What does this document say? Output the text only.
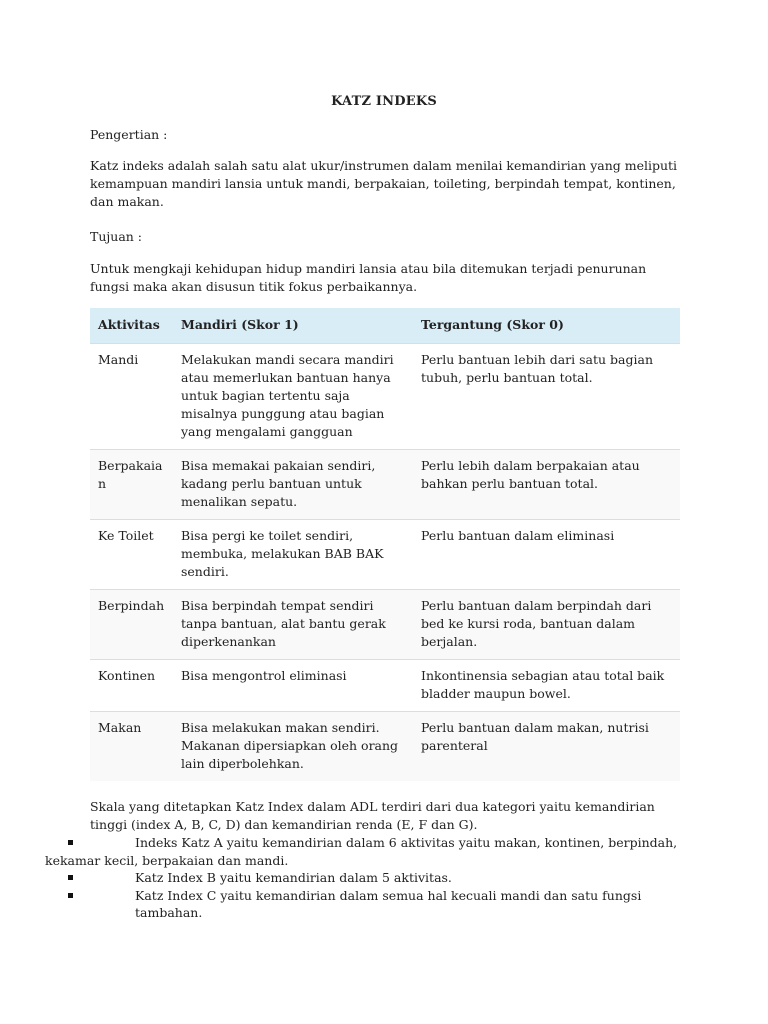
KATZ INDEKS
Pengertian :
Katz indeks adalah salah satu alat ukur/instrumen dalam menilai kemandirian yang meliputi kemampuan mandiri lansia untuk mandi, berpakaian, toileting, berpindah tempat, kontinen, dan makan.
Tujuan :
Untuk mengkaji kehidupan hidup mandiri lansia atau bila ditemukan terjadi penurunan fungsi maka akan disusun titik fokus perbaikannya.
Aktivitas	Mandiri (Skor 1)	Tergantung (Skor 0)
Mandi	Melakukan mandi secara mandiri atau memerlukan bantuan hanya untuk bagian tertentu saja misalnya punggung atau bagian yang mengalami gangguan	Perlu bantuan lebih dari satu bagian tubuh, perlu bantuan total.
Berpakaian	Bisa memakai pakaian sendiri, kadang perlu bantuan untuk menalikan sepatu.	Perlu lebih dalam berpakaian atau bahkan perlu bantuan total.
Ke Toilet	Bisa pergi ke toilet sendiri, membuka, melakukan BAB BAK sendiri.	Perlu bantuan dalam eliminasi
Berpindah	Bisa berpindah tempat sendiri tanpa bantuan, alat bantu gerak diperkenankan	Perlu bantuan dalam berpindah dari bed ke kursi roda, bantuan dalam berjalan.
Kontinen	Bisa mengontrol eliminasi	Inkontinensia sebagian atau total baik bladder maupun bowel.
Makan	Bisa melakukan makan sendiri. Makanan dipersiapkan oleh orang lain diperbolehkan.	Perlu bantuan dalam makan, nutrisi parenteral
Skala yang ditetapkan Katz Index dalam ADL terdiri dari dua kategori yaitu kemandirian tinggi (index A, B, C, D) dan kemandirian renda (E, F dan G).
Indeks Katz A yaitu kemandirian dalam 6 aktivitas yaitu makan, kontinen, berpindah,
kekamar kecil, berpakaian dan mandi.
Katz Index B yaitu kemandirian dalam 5 aktivitas.
Katz Index C yaitu kemandirian dalam semua hal kecuali mandi dan satu fungsi tambahan.
